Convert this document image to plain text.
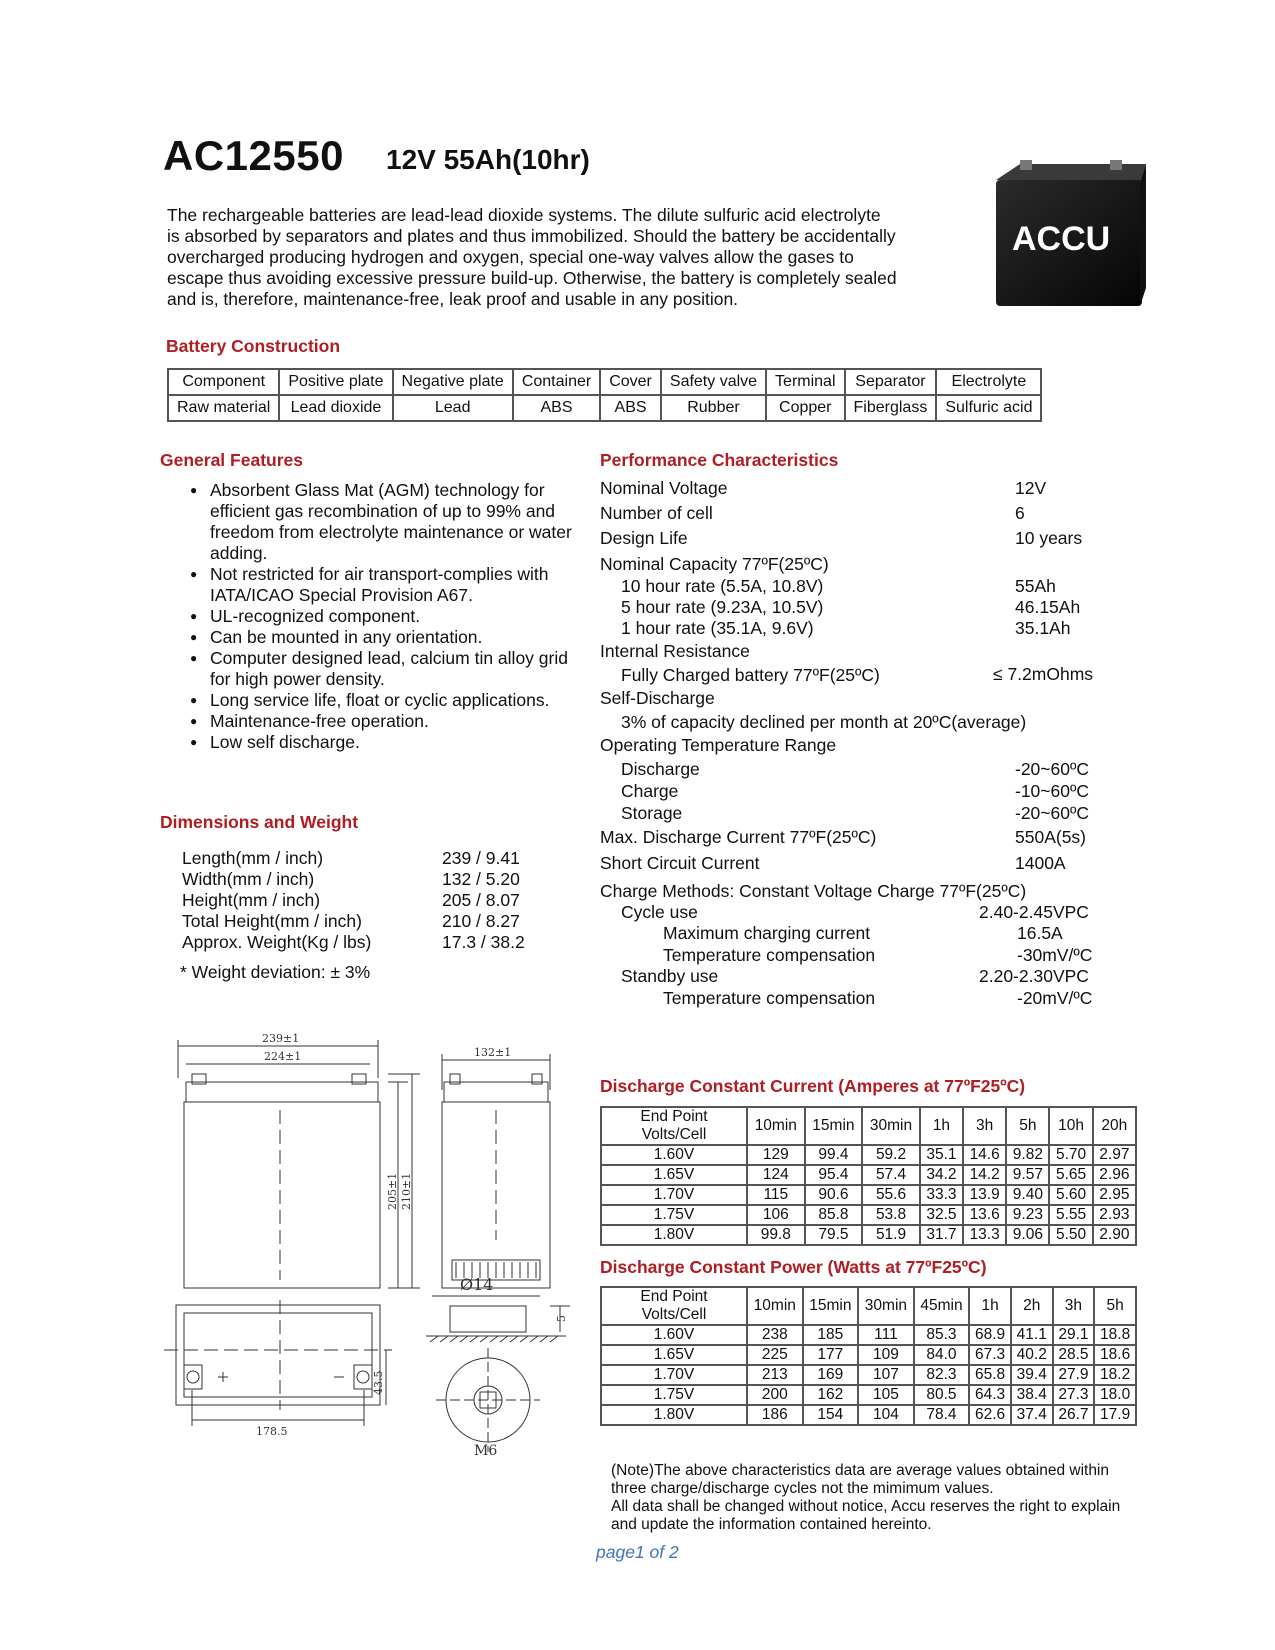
AC12550 12V 55Ah(10hr)
The rechargeable batteries are lead-lead dioxide systems. The dilute sulfuric acid electrolyte
is absorbed by separators and plates and thus immobilized. Should the battery be accidentally
overcharged producing hydrogen and oxygen, special one-way valves allow the gases to
escape thus avoiding excessive pressure build-up. Otherwise, the battery is completely sealed
and is, therefore, maintenance-free, leak proof and usable in any position.
ACCU
Battery Construction
Component	Positive plate	Negative plate	Container	Cover	Safety valve	Terminal	Separator	Electrolyte
Raw material	Lead dioxide	Lead	ABS	ABS	Rubber	Copper	Fiberglass	Sulfuric acid
General Features
● Absorbent Glass Mat (AGM) technology for efficient gas recombination of up to 99% and freedom from electrolyte maintenance or water adding.
● Not restricted for air transport-complies with IATA/ICAO Special Provision A67.
● UL-recognized component.
● Can be mounted in any orientation.
● Computer designed lead, calcium tin alloy grid for high power density.
● Long service life, float or cyclic applications.
● Maintenance-free operation.
● Low self discharge.
Dimensions and Weight
Length(mm / inch)	239 / 9.41
Width(mm / inch)	132 / 5.20
Height(mm / inch)	205 / 8.07
Total Height(mm / inch)	210 / 8.27
Approx. Weight(Kg / lbs)	17.3 / 38.2
* Weight deviation: ± 3%
239±1
224±1
205±1 210±1
132±1
178.5
43.5
Ø14
5
M6
Performance Characteristics
Nominal Voltage	12V
Number of cell	6
Design Life	10 years
Nominal Capacity 77ºF(25ºC)
10 hour rate (5.5A, 10.8V)	55Ah
5 hour rate (9.23A, 10.5V)	46.15Ah
1 hour rate (35.1A, 9.6V)	35.1Ah
Internal Resistance
Fully Charged battery 77ºF(25ºC)	≤ 7.2mOhms
Self-Discharge
3% of capacity declined per month at 20ºC(average)
Operating Temperature Range
Discharge	-20~60ºC
Charge	-10~60ºC
Storage	-20~60ºC
Max. Discharge Current 77ºF(25ºC)	550A(5s)
Short Circuit Current	1400A
Charge Methods: Constant Voltage Charge 77ºF(25ºC)
Cycle use	2.40-2.45VPC
Maximum charging current	16.5A
Temperature compensation	-30mV/ºC
Standby use	2.20-2.30VPC
Temperature compensation	-20mV/ºC
Discharge Constant Current (Amperes at 77ºF25ºC)
End Point
Volts/Cell	10min	15min	30min	1h	3h	5h	10h	20h
1.60V	129	99.4	59.2	35.1	14.6	9.82	5.70	2.97
1.65V	124	95.4	57.4	34.2	14.2	9.57	5.65	2.96
1.70V	115	90.6	55.6	33.3	13.9	9.40	5.60	2.95
1.75V	106	85.8	53.8	32.5	13.6	9.23	5.55	2.93
1.80V	99.8	79.5	51.9	31.7	13.3	9.06	5.50	2.90
Discharge Constant Power (Watts at 77ºF25ºC)
End Point
Volts/Cell	10min	15min	30min	45min	1h	2h	3h	5h
1.60V	238	185	111	85.3	68.9	41.1	29.1	18.8
1.65V	225	177	109	84.0	67.3	40.2	28.5	18.6
1.70V	213	169	107	82.3	65.8	39.4	27.9	18.2
1.75V	200	162	105	80.5	64.3	38.4	27.3	18.0
1.80V	186	154	104	78.4	62.6	37.4	26.7	17.9
(Note)The above characteristics data are average values obtained within
three charge/discharge cycles not the mimimum values.
All data shall be changed without notice, Accu reserves the right to explain
and update the information contained hereinto.
page1 of 2
